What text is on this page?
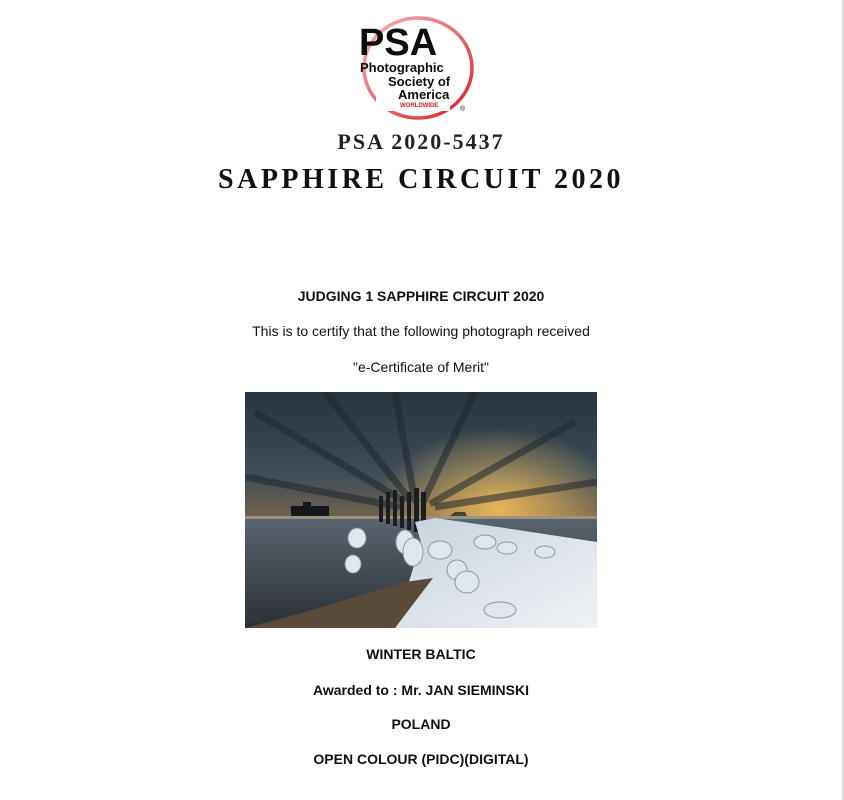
PSA
Photographic
Society of
America
WORLDWIDE	®
PSA 2020-5437
SAPPHIRE CIRCUIT 2020
JUDGING 1 SAPPHIRE CIRCUIT 2020
This is to certify that the following photograph received
"e-Certificate of Merit"
WINTER BALTIC
Awarded to : Mr. JAN SIEMINSKI
POLAND
OPEN COLOUR (PIDC)(DIGITAL)
